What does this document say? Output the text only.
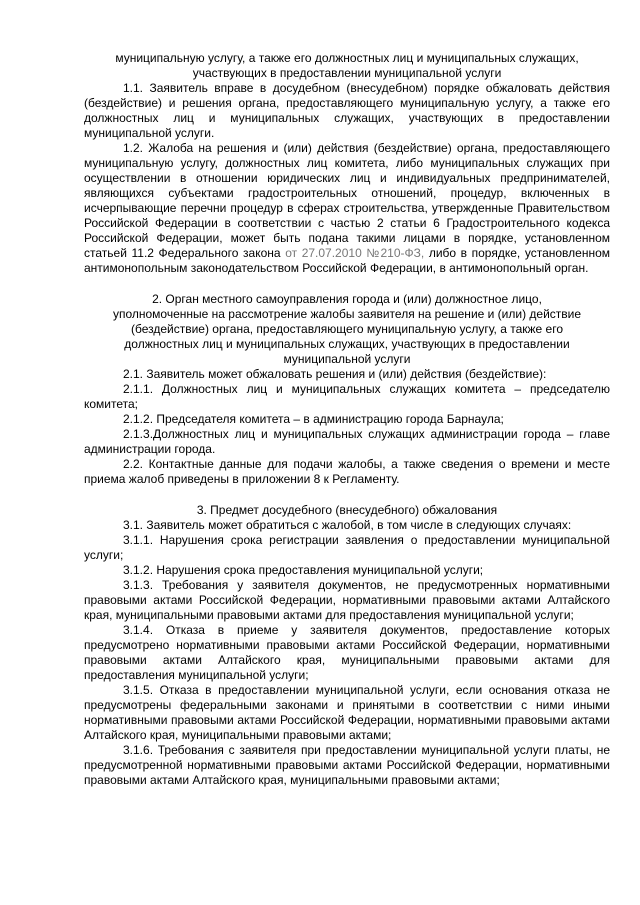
муниципальную услугу, а также его должностных лиц и муниципальных служащих,
участвующих в предоставлении муниципальной услуги

1.1. Заявитель вправе в досудебном (внесудебном) порядке обжаловать действия (бездействие) и решения органа, предоставляющего муниципальную услугу, а также его должностных лиц и муниципальных служащих, участвующих в предоставлении муниципальной услуги.

1.2. Жалоба на решения и (или) действия (бездействие) органа, предоставляющего муниципальную услугу, должностных лиц комитета, либо муниципальных служащих при осуществлении в отношении юридических лиц и индивидуальных предпринимателей, являющихся субъектами градостроительных отношений, процедур, включенных в исчерпывающие перечни процедур в сферах строительства, утвержденные Правительством Российской Федерации в соответствии с частью 2 статьи 6 Градостроительного кодекса Российской Федерации, может быть подана такими лицами в порядке, установленном статьей 11.2 Федерального закона от 27.07.2010 №210-ФЗ, либо в порядке, установленном антимонопольным законодательством Российской Федерации, в антимонопольный орган.

2. Орган местного самоуправления города и (или) должностное лицо,
уполномоченные на рассмотрение жалобы заявителя на решение и (или) действие
(бездействие) органа, предоставляющего муниципальную услугу, а также его
должностных лиц и муниципальных служащих, участвующих в предоставлении
муниципальной услуги

2.1. Заявитель может обжаловать решения и (или) действия (бездействие):

2.1.1. Должностных лиц и муниципальных служащих комитета – председателю комитета;

2.1.2. Председателя комитета – в администрацию города Барнаула;

2.1.3.Должностных лиц и муниципальных служащих администрации города – главе администрации города.

2.2. Контактные данные для подачи жалобы, а также сведения о времени и месте приема жалоб приведены в приложении 8 к Регламенту.

3. Предмет досудебного (внесудебного) обжалования

3.1. Заявитель может обратиться с жалобой, в том числе в следующих случаях:

3.1.1. Нарушения срока регистрации заявления о предоставлении муниципальной услуги;

3.1.2. Нарушения срока предоставления муниципальной услуги;

3.1.3. Требования у заявителя документов, не предусмотренных нормативными правовыми актами Российской Федерации, нормативными правовыми актами Алтайского края, муниципальными правовыми актами для предоставления муниципальной услуги;

3.1.4. Отказа в приеме у заявителя документов, предоставление которых предусмотрено нормативными правовыми актами Российской Федерации, нормативными правовыми актами Алтайского края, муниципальными правовыми актами для предоставления муниципальной услуги;

3.1.5. Отказа в предоставлении муниципальной услуги, если основания отказа не предусмотрены федеральными законами и принятыми в соответствии с ними иными нормативными правовыми актами Российской Федерации, нормативными правовыми актами Алтайского края, муниципальными правовыми актами;

3.1.6. Требования с заявителя при предоставлении муниципальной услуги платы, не предусмотренной нормативными правовыми актами Российской Федерации, нормативными правовыми актами Алтайского края, муниципальными правовыми актами;
